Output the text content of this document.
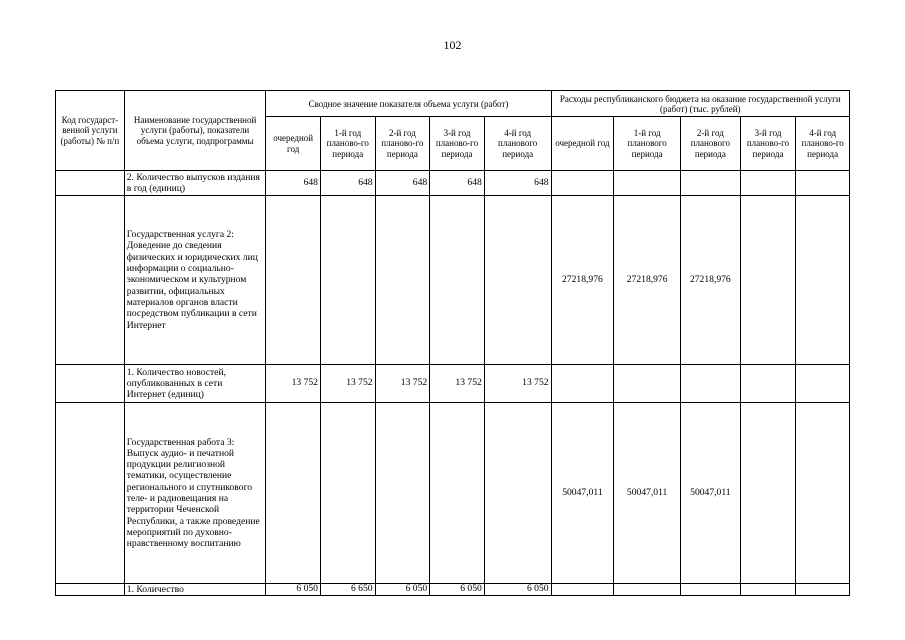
102
Код государст-венной услуги (работы) № п/п	Наименование государственной услуги (работы), показатели объема услуги, подпрограммы	Сводное значение показателя объема услуги (работ)					Расходы республиканского бюджета на оказание государственной услуги (работ) (тыс. рублей)				
		очередной год	1-й год планово-го периода	2-й год планово-го периода	3-й год планово-го периода	4-й год планового периода	очередной год	1-й год планового периода	2-й год планового периода	3-й год планово-го периода	4-й год планово-го периода
	2. Количество выпусков издания в год (единиц)	648	648	648	648	648					
	Государственная услуга 2: Доведение до сведения физических и юридических лиц информации о социально-экономическом и культурном развитии, официальных материалов органов власти посредством публикации в сети Интернет						27218,976	27218,976	27218,976		
	1. Количество новостей, опубликованных в сети Интернет (единиц)	13 752	13 752	13 752	13 752	13 752					
	Государственная работа 3: Выпуск аудио- и печатной продукции религиозной тематики, осуществление регионального и спутникового теле- и радиовещания на территории Чеченской Республики, а также проведение мероприятий по духовно-нравственному воспитанию						50047,011	50047,011	50047,011		
	1. Количество	6 050	6 650	6 050	6 050	6 050					
